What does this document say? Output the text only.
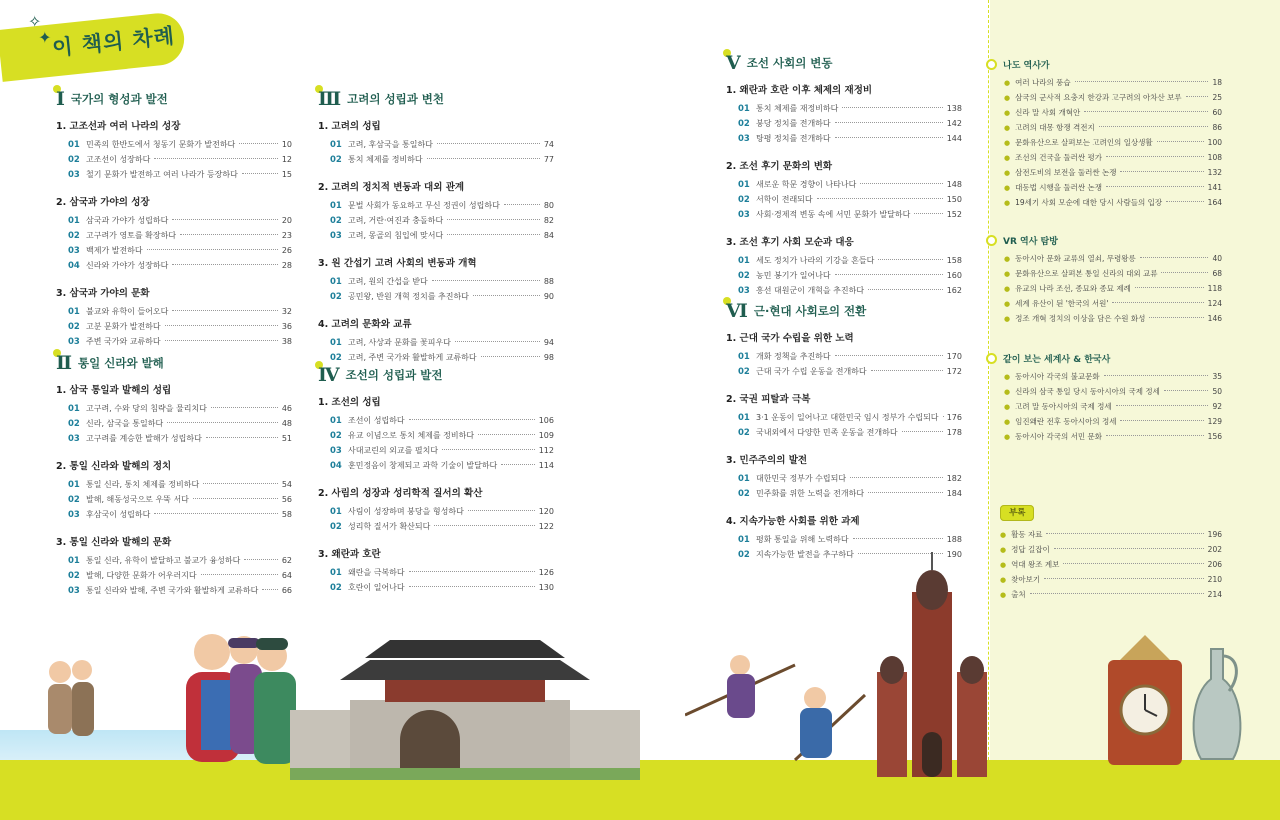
✧
✦ 이 책의 차례
Ⅰ 국가의 형성과 발전
1. 고조선과 여러 나라의 성장
01 민족의 한반도에서 청동기 문화가 발전하다	10
02 고조선이 성장하다	12
03 철기 문화가 발전하고 여러 나라가 등장하다	15
2. 삼국과 가야의 성장
01 삼국과 가야가 성립하다	20
02 고구려가 영토를 확장하다	23
03 백제가 발전하다	26
04 신라와 가야가 성장하다	28
3. 삼국과 가야의 문화
01 불교와 유학이 들어오다	32
02 고분 문화가 발전하다	36
03 주변 국가와 교류하다	38
Ⅱ 통일 신라와 발해
1. 삼국 통일과 발해의 성립
01 고구려, 수와 당의 침략을 물리치다	46
02 신라, 삼국을 통일하다	48
03 고구려를 계승한 발해가 성립하다	51
2. 통일 신라와 발해의 정치
01 통일 신라, 통치 체제를 정비하다	54
02 발해, 해동성국으로 우뚝 서다	56
03 후삼국이 성립하다	58
3. 통일 신라와 발해의 문화
01 통일 신라, 유학이 발달하고 불교가 융성하다	62
02 발해, 다양한 문화가 어우러지다	64
03 통일 신라와 발해, 주변 국가와 활발하게 교류하다	66
Ⅲ 고려의 성립과 변천
1. 고려의 성립
01 고려, 후삼국을 통일하다	74
02 통치 체제를 정비하다	77
2. 고려의 정치적 변동과 대외 관계
01 문벌 사회가 동요하고 무신 정권이 성립하다	80
02 고려, 거란·여진과 충돌하다	82
03 고려, 몽골의 침입에 맞서다	84
3. 원 간섭기 고려 사회의 변동과 개혁
01 고려, 원의 간섭을 받다	88
02 공민왕, 반원 개혁 정치를 추진하다	90
4. 고려의 문화와 교류
01 고려, 사상과 문화를 꽃피우다	94
02 고려, 주변 국가와 활발하게 교류하다	98
Ⅳ 조선의 성립과 발전
1. 조선의 성립
01 조선이 성립하다	106
02 유교 이념으로 통치 체제를 정비하다	109
03 사대교린의 외교를 펼치다	112
04 훈민정음이 창제되고 과학 기술이 발달하다	114
2. 사림의 성장과 성리학적 질서의 확산
01 사림이 성장하며 붕당을 형성하다	120
02 성리학 질서가 확산되다	122
3. 왜란과 호란
01 왜란을 극복하다	126
02 호란이 일어나다	130
Ⅴ 조선 사회의 변동
1. 왜란과 호란 이후 체제의 재정비
01 통치 체제를 재정비하다	138
02 붕당 정치를 전개하다	142
03 탕평 정치를 전개하다	144
2. 조선 후기 문화의 변화
01 새로운 학문 경향이 나타나다	148
02 서학이 전래되다	150
03 사회·경제적 변동 속에 서민 문화가 발달하다	152
3. 조선 후기 사회 모순과 대응
01 세도 정치가 나라의 기강을 흔들다	158
02 농민 봉기가 일어나다	160
03 흥선 대원군이 개혁을 추진하다	162
Ⅵ 근·현대 사회로의 전환
1. 근대 국가 수립을 위한 노력
01 개화 정책을 추진하다	170
02 근대 국가 수립 운동을 전개하다	172
2. 국권 피탈과 극복
01 3·1 운동이 일어나고 대한민국 임시 정부가 수립되다 176
02 국내외에서 다양한 민족 운동을 전개하다	178
3. 민주주의의 발전
01 대한민국 정부가 수립되다	182
02 민주화를 위한 노력을 전개하다	184
4. 지속가능한 사회를 위한 과제
01 평화 통일을 위해 노력하다	188
02 지속가능한 발전을 추구하다	190
나도 역사가
● 여러 나라의 풍습	18
● 삼국의 군사적 요충지 한강과 고구려의 아차산 보루	25
● 신라 말 사회 개혁안	60
● 고려의 대몽 항쟁 격전지	86
● 문화유산으로 살펴보는 고려인의 일상생활	100
● 조선의 건국을 둘러싼 평가	108
● 삼전도비의 보전을 둘러싼 논쟁	132
● 대동법 시행을 둘러싼 논쟁	141
● 19세기 사회 모순에 대한 당시 사람들의 입장	164
VR 역사 탐방
● 동아시아 문화 교류의 열쇠, 무령왕릉	40
● 문화유산으로 살펴본 통일 신라의 대외 교류	68
● 유교의 나라 조선, 종묘와 종묘 제례	118
● 세계 유산이 된 '한국의 서원'	124
● 정조 개혁 정치의 이상을 담은 수원 화성	146
같이 보는 세계사 & 한국사
● 동아시아 각국의 불교문화	35
● 신라의 삼국 통일 당시 동아시아의 국제 정세	50
● 고려 말 동아시아의 국제 정세	92
● 임진왜란 전후 동아시아의 정세	129
● 동아시아 각국의 서민 문화	156
부록
● 활동 자료	196
● 정답 길잡이	202
● 역대 왕조 계보	206
● 찾아보기	210
● 출처	214
